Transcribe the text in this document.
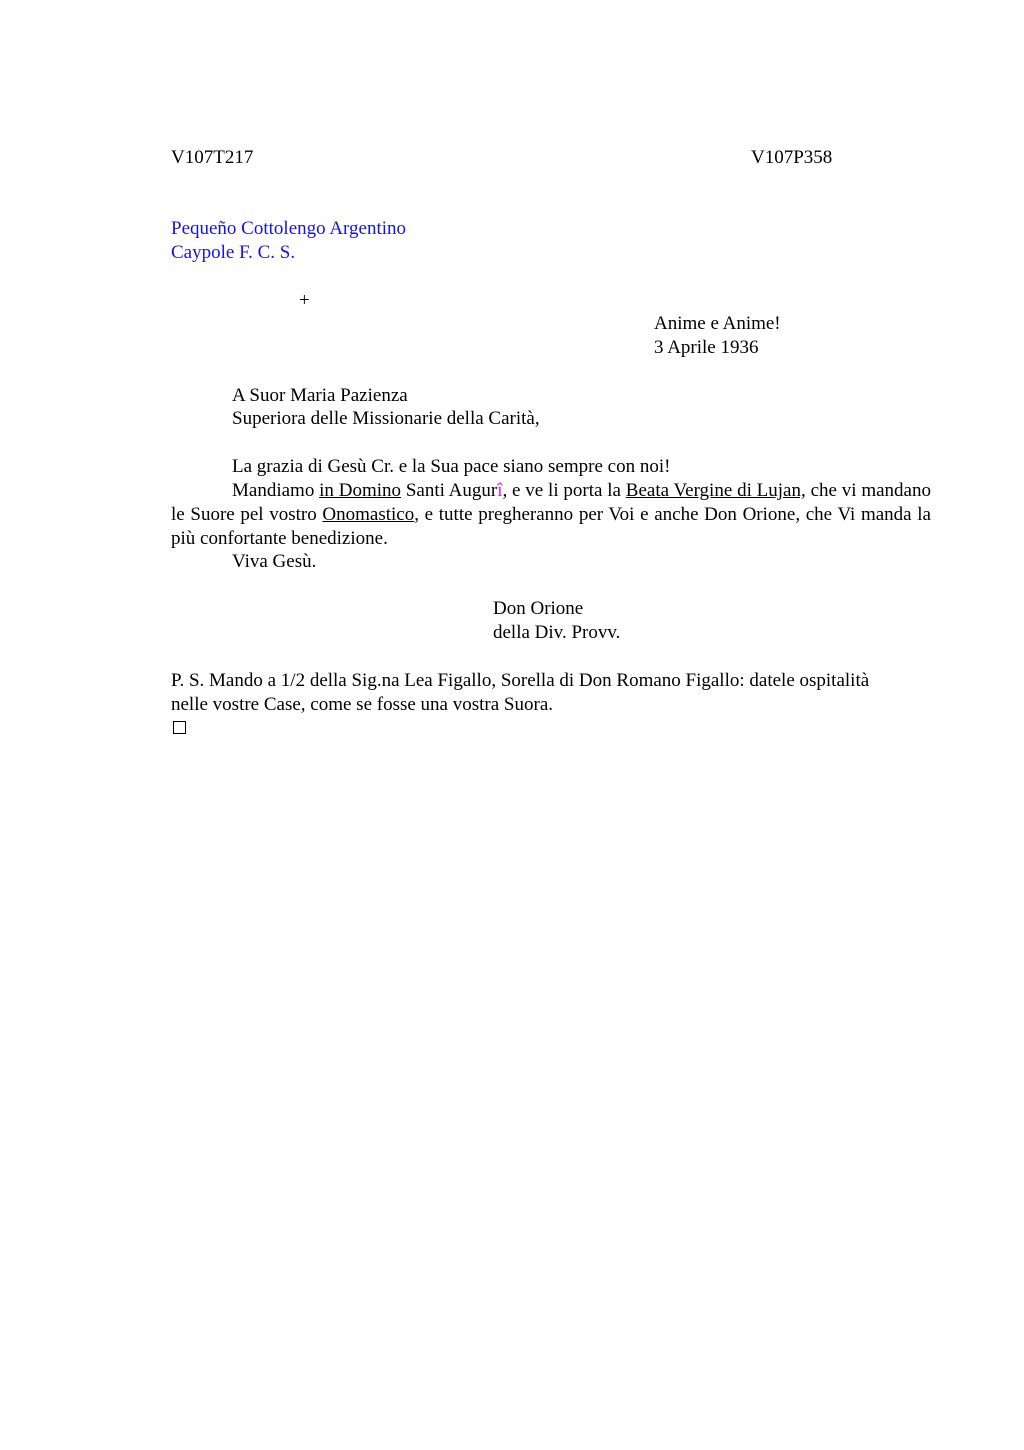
V107T217	V107P358
Pequeño Cottolengo Argentino
Caypole F. C. S.
+
Anime e Anime!
3 Aprile 1936
A Suor Maria Pazienza
Superiora delle Missionarie della Carità,
La grazia di Gesù Cr. e la Sua pace siano sempre con noi!
Mandiamo in Domino Santi Augurî, e ve li porta la Beata Vergine di Lujan, che vi mandano le Suore pel vostro Onomastico, e tutte pregheranno per Voi e anche Don Orione, che Vi manda la più confortante benedizione.
Viva Gesù.
Don Orione
della Div. Provv.
P. S. Mando a 1/2 della Sig.na Lea Figallo, Sorella di Don Romano Figallo: datele ospitalità nelle vostre Case, come se fosse una vostra Suora.
